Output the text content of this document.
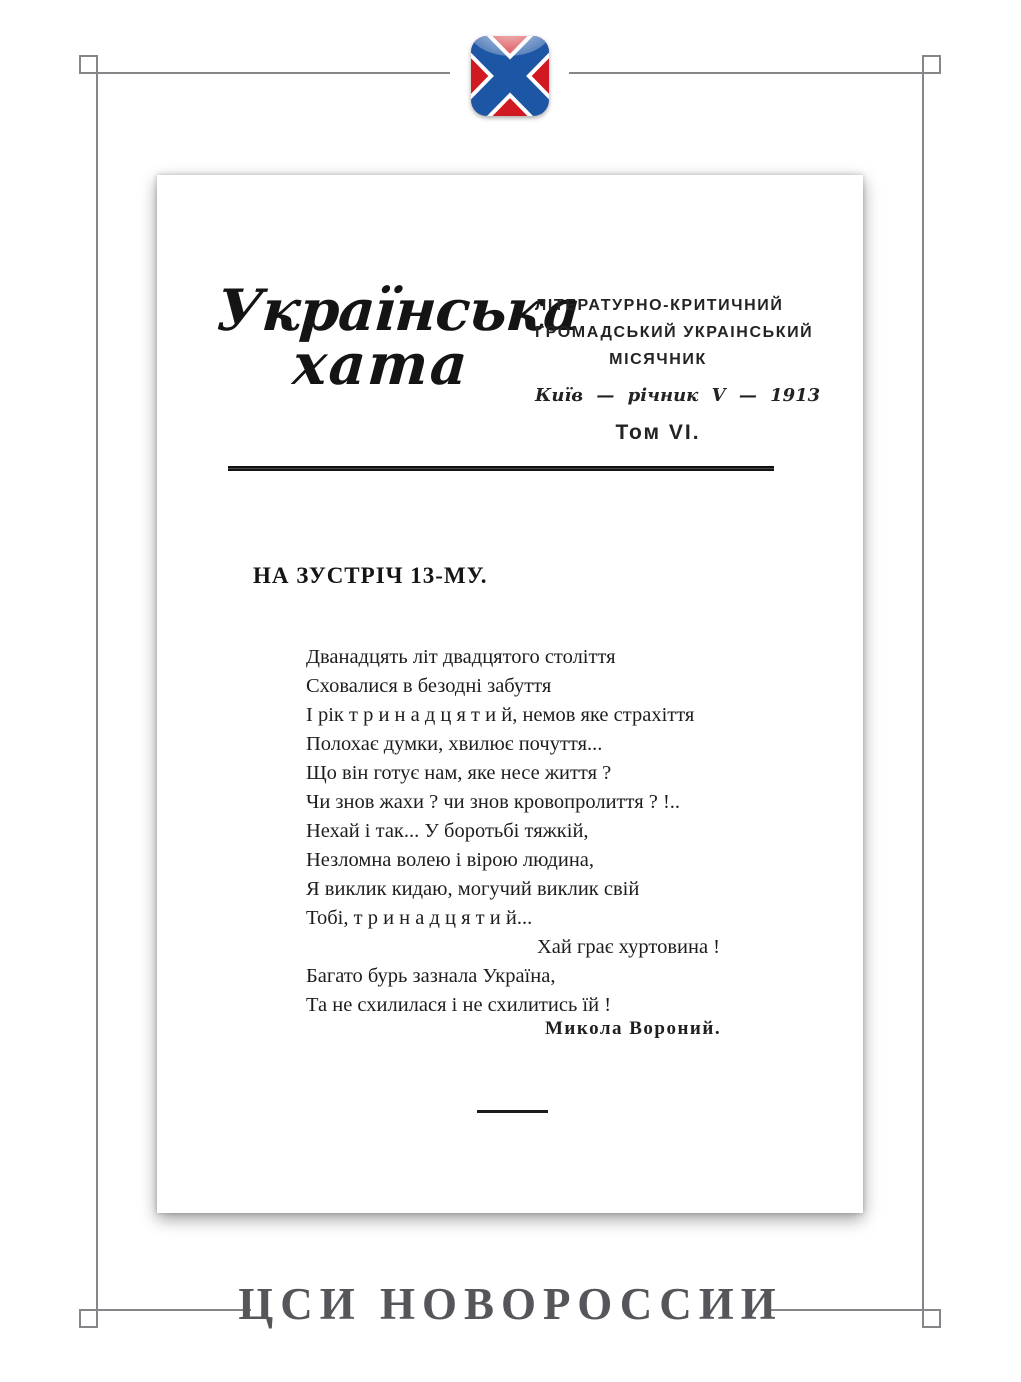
Українська
хата
ЛІТЕРАТУРНО-КРИТИЧНИЙ
ГРОМАДСЬКИЙ УКРАІНСЬКИЙ
МІСЯЧНИК
Київ — річник V — 1913
Том VI.
НА ЗУСТРІЧ 13-МУ.
Дванадцять літ двадцятого століття
Сховалися в безодні забуття
І рік т р и н а д ц я т и й, немов яке страхіття
Полохає думки, хвилює почуття...
Що він готує нам, яке несе життя ?
Чи знов жахи ? чи знов кровопролиття ? !..
Нехай і так... У боротьбі тяжкій,
Незломна волею і вірою людина,
Я виклик кидаю, могучий виклик свій
Тобі, т р и н а д ц я т и й...
Хай грає хуртовина !
Багато бурь зазнала Україна,
Та не схилилася і не схилитись їй !
Микола Вороний.
ЦСИ НОВОРОССИИ
